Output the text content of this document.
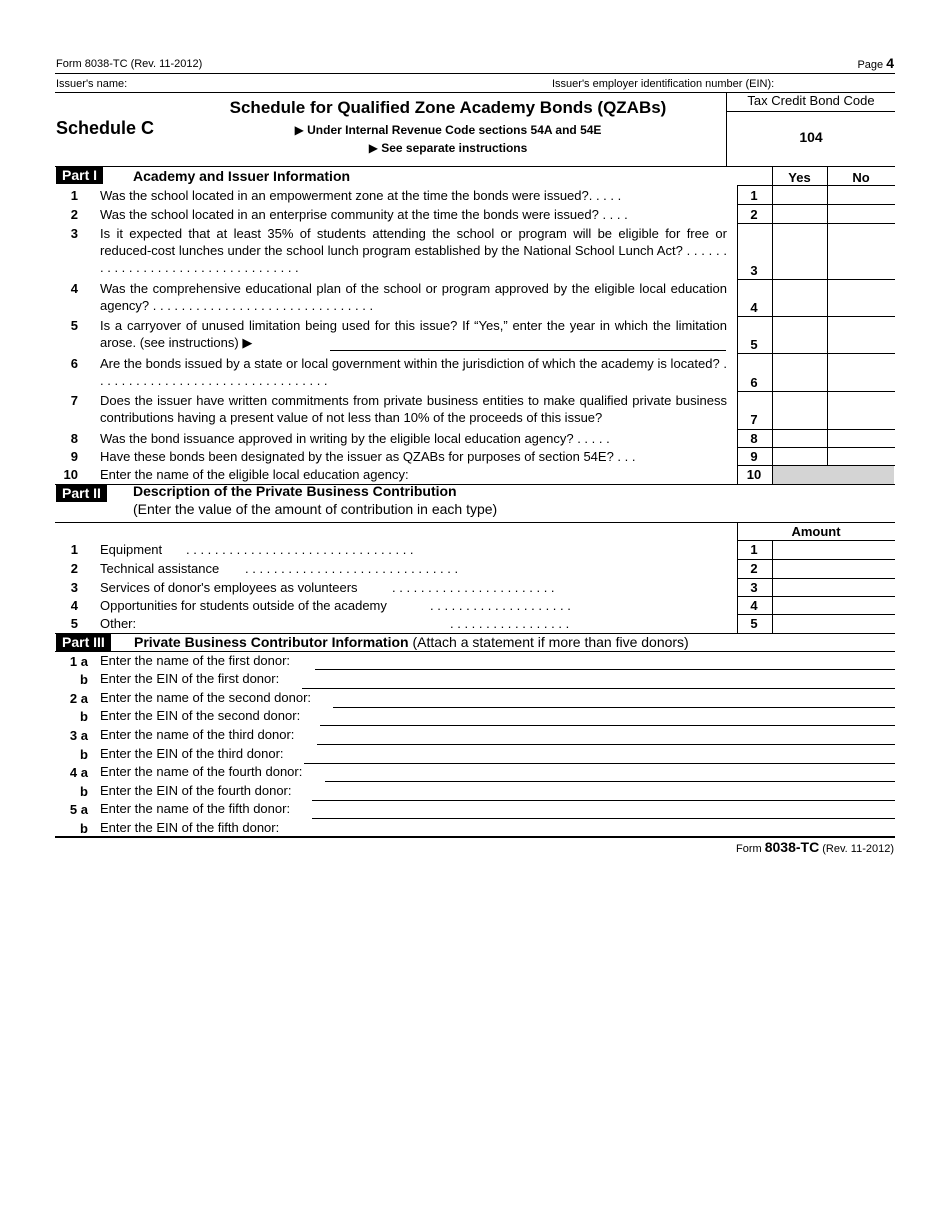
Form 8038-TC (Rev. 11-2012)	Page 4
Issuer's name:	Issuer's employer identification number (EIN):
Schedule C
Schedule for Qualified Zone Academy Bonds (QZABs)
▶ Under Internal Revenue Code sections 54A and 54E
▶ See separate instructions
Tax Credit Bond Code
104
Part I	Academy and Issuer Information	Yes	No
1 Was the school located in an empowerment zone at the time the bonds were issued?. . . . .	1
2 Was the school located in an enterprise community at the time the bonds were issued? . . . .	2
3 Is it expected that at least 35% of students attending the school or program will be eligible for free or reduced-cost lunches under the school lunch program established by the National School Lunch Act? . . . . . . . . . . . . . . . . . . . . . . . . . . . . . . . . . .	3
4 Was the comprehensive educational plan of the school or program approved by the eligible local education agency? . . . . . . . . . . . . . . . . . . . . . . . . . . . . . . .	4
5 Is a carryover of unused limitation being used for this issue? If “Yes,” enter the year in which the limitation arose. (see instructions) ▶	5
6 Are the bonds issued by a state or local government within the jurisdiction of which the academy is located? . . . . . . . . . . . . . . . . . . . . . . . . . . . . . . . . .	6
7 Does the issuer have written commitments from private business entities to make qualified private business contributions having a present value of not less than 10% of the proceeds of this issue?	7
8 Was the bond issuance approved in writing by the eligible local education agency? . . . . .	8
9 Have these bonds been designated by the issuer as QZABs for purposes of section 54E? . . .	9
10 Enter the name of the eligible local education agency:	10
Part II	Description of the Private Business Contribution
(Enter the value of the amount of contribution in each type)
Amount
1 Equipment . . . . . . . . . . . . . . . . . . . . . . . . . . . . . . . .	1
2 Technical assistance . . . . . . . . . . . . . . . . . . . . . . . . . . . . . .	2
3 Services of donor's employees as volunteers	. . . . . . . . . . . . . . . . . . . . . . .	3
4 Opportunities for students outside of the academy	. . . . . . . . . . . . . . . . . . . .	4
5 Other:	. . . . . . . . . . . . . . . . .	5
Part III	Private Business Contributor Information (Attach a statement if more than five donors)
1 a Enter the name of the first donor:
b Enter the EIN of the first donor:
2 a Enter the name of the second donor:
b Enter the EIN of the second donor:
3 a Enter the name of the third donor:
b Enter the EIN of the third donor:
4 a Enter the name of the fourth donor:
b Enter the EIN of the fourth donor:
5 a Enter the name of the fifth donor:
b Enter the EIN of the fifth donor:
Form 8038-TC (Rev. 11-2012)
